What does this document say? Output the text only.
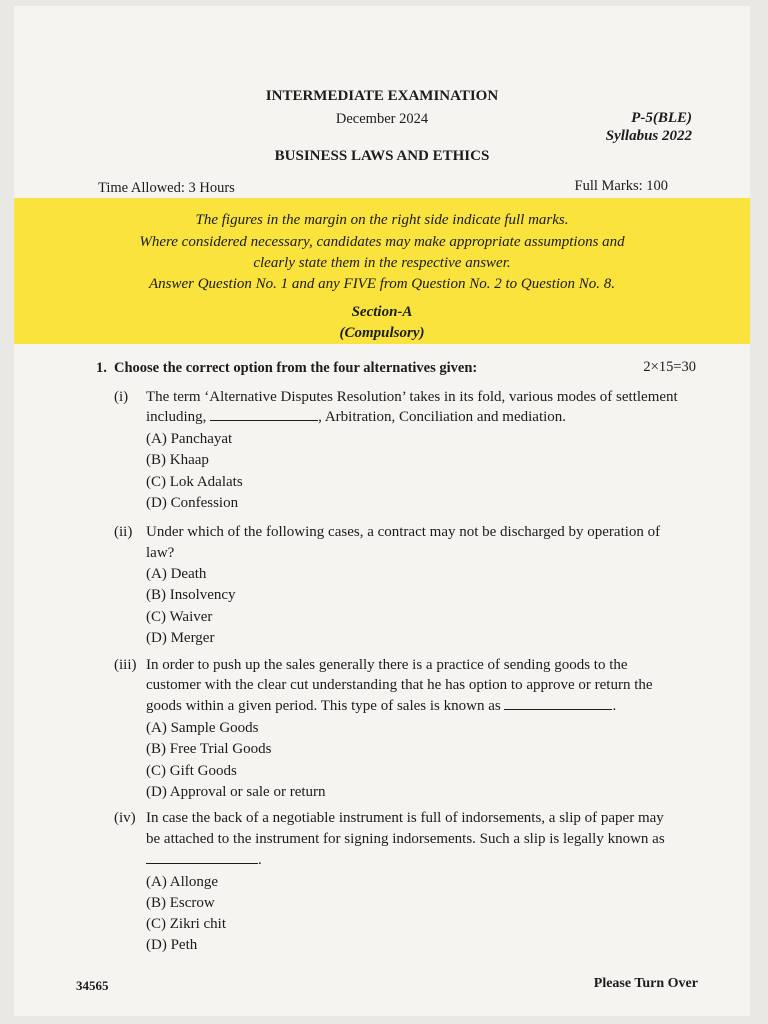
INTERMEDIATE EXAMINATION
December 2024	P-5(BLE)
Syllabus 2022
BUSINESS LAWS AND ETHICS
Time Allowed: 3 Hours	Full Marks: 100
The figures in the margin on the right side indicate full marks.
Where considered necessary, candidates may make appropriate assumptions and
clearly state them in the respective answer.
Answer Question No. 1 and any FIVE from Question No. 2 to Question No. 8.
Section-A
(Compulsory)
1. Choose the correct option from the four alternatives given:	2×15=30
(i) The term ‘Alternative Disputes Resolution’ takes in its fold, various modes of settlement
including,	, Arbitration, Conciliation and mediation.
(A) Panchayat
(B) Khaap
(C) Lok Adalats
(D) Confession
(ii) Under which of the following cases, a contract may not be discharged by operation of
law?
(A) Death
(B) Insolvency
(C) Waiver
(D) Merger
(iii) In order to push up the sales generally there is a practice of sending goods to the
customer with the clear cut understanding that he has option to approve or return the
goods within a given period. This type of sales is known as	.
(A) Sample Goods
(B) Free Trial Goods
(C) Gift Goods
(D) Approval or sale or return
(iv) In case the back of a negotiable instrument is full of indorsements, a slip of paper may
be attached to the instrument for signing indorsements. Such a slip is legally known as
.
(A) Allonge
(B) Escrow
(C) Zikri chit
(D) Peth
34565	Please Turn Over
